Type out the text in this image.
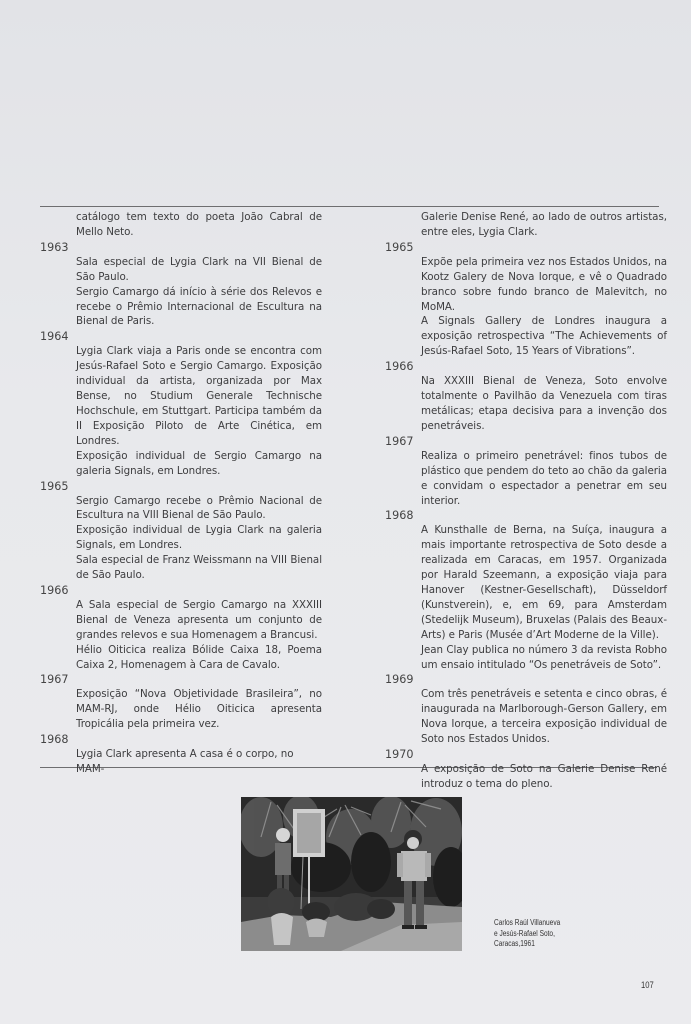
catálogo tem texto do poeta João Cabral de Mello Neto.

1963

Sala especial de Lygia Clark na VII Bienal de São Paulo.

Sergio Camargo dá início à série dos Relevos e recebe o Prêmio Internacional de Escultura na Bienal de Paris.

1964

Lygia Clark viaja a Paris onde se encontra com Jesús-Rafael Soto e Sergio Camargo. Exposição individual da artista, organizada por Max Bense, no Studium Generale Technische Hochschule, em Stuttgart. Participa também da II Exposição Piloto de Arte Cinética, em Londres.

Exposição individual de Sergio Camargo na galeria Signals, em Londres.

1965

Sergio Camargo recebe o Prêmio Nacional de Escultura na VIII Bienal de São Paulo.

Exposição individual de Lygia Clark na galeria Signals, em Londres.

Sala especial de Franz Weissmann na VIII Bienal de São Paulo.

1966

A Sala especial de Sergio Camargo na XXXIII Bienal de Veneza apresenta um conjunto de grandes relevos e sua Homenagem a Brancusi.

Hélio Oiticica realiza Bólide Caixa 18, Poema Caixa 2, Homenagem à Cara de Cavalo.

1967

Exposição “Nova Objetividade Brasileira”, no MAM-RJ, onde Hélio Oiticica apresenta Tropicália pela primeira vez.

1968

Lygia Clark apresenta A casa é o corpo, no MAM-

Galerie Denise René, ao lado de outros artistas, entre eles, Lygia Clark.

1965

Expõe pela primeira vez nos Estados Unidos, na Kootz Galery de Nova Iorque, e vê o Quadrado branco sobre fundo branco de Malevitch, no MoMA.

A Signals Gallery de Londres inaugura a exposição retrospectiva “The Achievements of Jesús-Rafael Soto, 15 Years of Vibrations”.

1966

Na XXXIII Bienal de Veneza, Soto envolve totalmente o Pavilhão da Venezuela com tiras metálicas; etapa decisiva para a invenção dos penetráveis.

1967

Realiza o primeiro penetrável: finos tubos de plástico que pendem do teto ao chão da galeria e convidam o espectador a penetrar em seu interior.

1968

A Kunsthalle de Berna, na Suíça, inaugura a mais importante retrospectiva de Soto desde a realizada em Caracas, em 1957. Organizada por Harald Szeemann, a exposição viaja para Hanover (Kestner-Gesellschaft), Düsseldorf (Kunstverein), e, em 69, para Amsterdam (Stedelijk Museum), Bruxelas (Palais des Beaux-Arts) e Paris (Musée d’Art Moderne de la Ville).

Jean Clay publica no número 3 da revista Robho um ensaio intitulado “Os penetráveis de Soto”.

1969

Com três penetráveis e setenta e cinco obras, é inaugurada na Marlborough-Gerson Gallery, em Nova Iorque, a terceira exposição individual de Soto nos Estados Unidos.

1970

A exposição de Soto na Galerie Denise René introduz o tema do pleno.

Carlos Raúl Villanueva
e Jesús-Rafael Soto,
Caracas,1961
107
